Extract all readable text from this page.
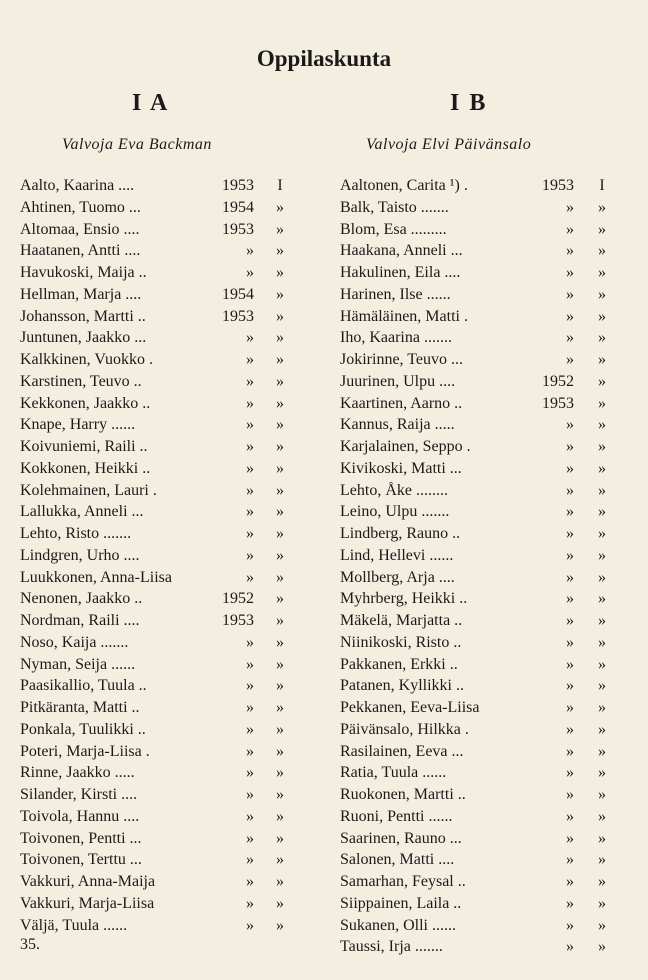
Oppilaskunta
I A	I B
Valvoja Eva Backman	Valvoja Elvi Päivänsalo
Aalto, Kaarina ....	1953	I
Ahtinen, Tuomo ...	1954	»
Altomaa, Ensio ....	1953	»
Haatanen, Antti ....	»	»
Havukoski, Maija ..	»	»
Hellman, Marja ....	1954	»
Johansson, Martti ..	1953	»
Juntunen, Jaakko ...	»	»
Kalkkinen, Vuokko .	»	»
Karstinen, Teuvo ..	»	»
Kekkonen, Jaakko ..	»	»
Knape, Harry ......	»	»
Koivuniemi, Raili ..	»	»
Kokkonen, Heikki ..	»	»
Kolehmainen, Lauri .	»	»
Lallukka, Anneli ...	»	»
Lehto, Risto .......	»	»
Lindgren, Urho ....	»	»
Luukkonen, Anna-Liisa	»	»
Nenonen, Jaakko ..	1952	»
Nordman, Raili ....	1953	»
Noso, Kaija .......	»	»
Nyman, Seija ......	»	»
Paasikallio, Tuula ..	»	»
Pitkäranta, Matti ..	»	»
Ponkala, Tuulikki ..	»	»
Poteri, Marja-Liisa .	»	»
Rinne, Jaakko .....	»	»
Silander, Kirsti ....	»	»
Toivola, Hannu ....	»	»
Toivonen, Pentti ...	»	»
Toivonen, Terttu ...	»	»
Vakkuri, Anna-Maija	»	»
Vakkuri, Marja-Liisa	»	»
Väljä, Tuula ......	»	»
Aaltonen, Carita ¹) .	1953	I
Balk, Taisto .......	»	»
Blom, Esa .........	»	»
Haakana, Anneli ...	»	»
Hakulinen, Eila ....	»	»
Harinen, Ilse ......	»	»
Hämäläinen, Matti .	»	»
Iho, Kaarina .......	»	»
Jokirinne, Teuvo ...	»	»
Juurinen, Ulpu ....	1952	»
Kaartinen, Aarno ..	1953	»
Kannus, Raija .....	»	»
Karjalainen, Seppo .	»	»
Kivikoski, Matti ...	»	»
Lehto, Åke ........	»	»
Leino, Ulpu .......	»	»
Lindberg, Rauno ..	»	»
Lind, Hellevi ......	»	»
Mollberg, Arja ....	»	»
Myhrberg, Heikki ..	»	»
Mäkelä, Marjatta ..	»	»
Niinikoski, Risto ..	»	»
Pakkanen, Erkki ..	»	»
Patanen, Kyllikki ..	»	»
Pekkanen, Eeva-Liisa	»	»
Päivänsalo, Hilkka .	»	»
Rasilainen, Eeva ...	»	»
Ratia, Tuula ......	»	»
Ruokonen, Martti ..	»	»
Ruoni, Pentti ......	»	»
Saarinen, Rauno ...	»	»
Salonen, Matti ....	»	»
Samarhan, Feysal ..	»	»
Siippainen, Laila ..	»	»
Sukanen, Olli ......	»	»
Taussi, Irja .......	»	»
35.
